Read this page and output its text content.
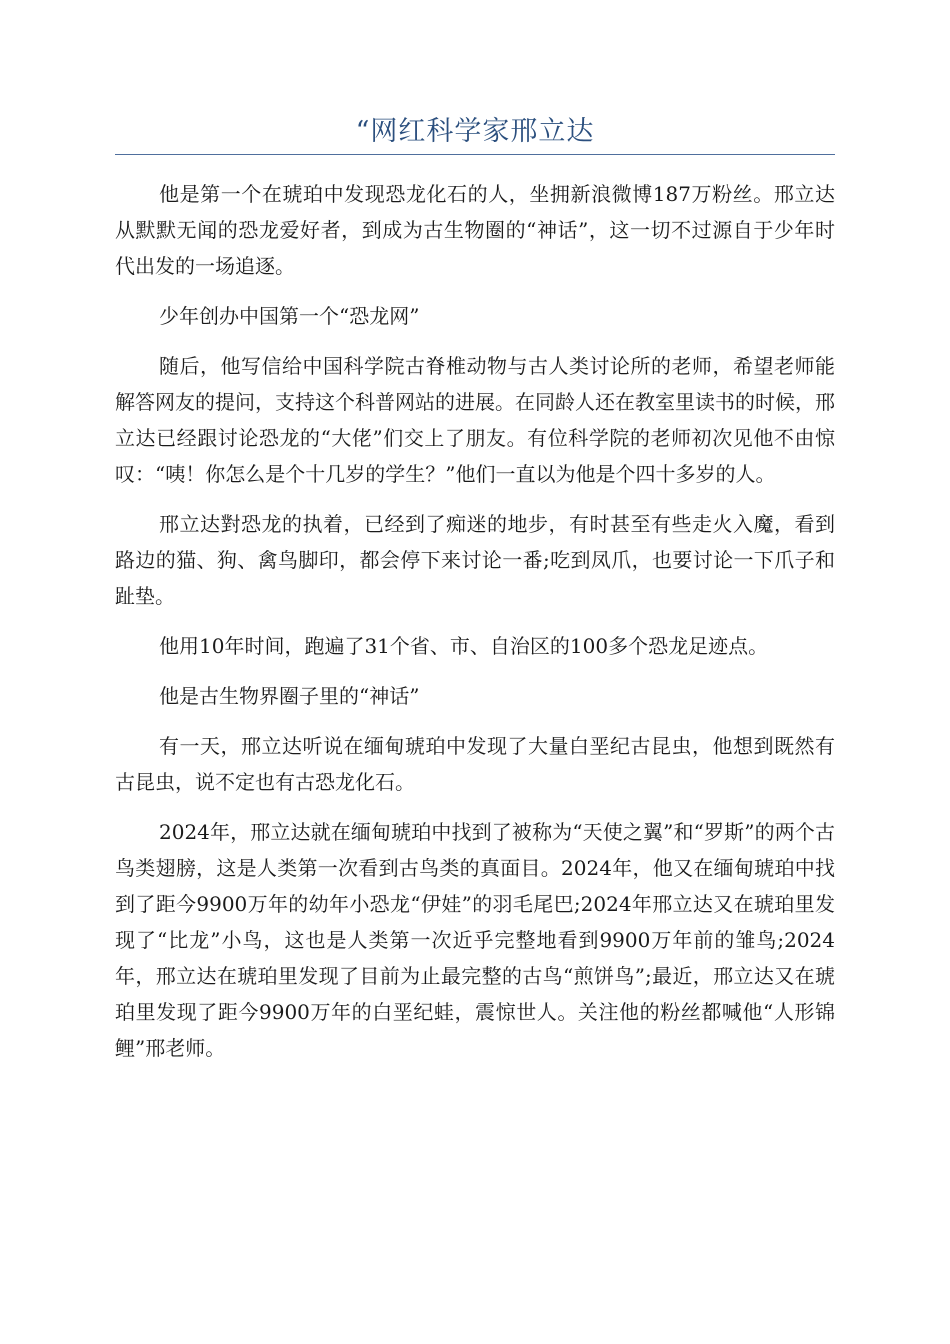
“网红科学家邢立达

他是第一个在琥珀中发现恐龙化石的人，坐拥新浪微博187万粉丝。邢立达从默默无闻的恐龙爱好者，到成为古生物圈的“神话”，这一切不过源自于少年时代出发的一场追逐。

少年创办中国第一个“恐龙网”

随后，他写信给中国科学院古脊椎动物与古人类讨论所的老师，希望老师能解答网友的提问，支持这个科普网站的进展。在同龄人还在教室里读书的时候，邢立达已经跟讨论恐龙的“大佬”们交上了朋友。有位科学院的老师初次见他不由惊叹：“咦！你怎么是个十几岁的学生？”他们一直以为他是个四十多岁的人。

邢立达對恐龙的执着，已经到了痴迷的地步，有时甚至有些走火入魔，看到路边的猫、狗、禽鸟脚印，都会停下来讨论一番;吃到凤爪，也要讨论一下爪子和趾垫。

他用10年时间，跑遍了31个省、市、自治区的100多个恐龙足迹点。

他是古生物界圈子里的“神话”

有一天，邢立达听说在缅甸琥珀中发现了大量白垩纪古昆虫，他想到既然有古昆虫，说不定也有古恐龙化石。

2024年，邢立达就在缅甸琥珀中找到了被称为“天使之翼”和“罗斯”的两个古鸟类翅膀，这是人类第一次看到古鸟类的真面目。2024年，他又在缅甸琥珀中找到了距今9900万年的幼年小恐龙“伊娃”的羽毛尾巴;2024年邢立达又在琥珀里发现了“比龙”小鸟，这也是人类第一次近乎完整地看到9900万年前的雏鸟;2024年，邢立达在琥珀里发现了目前为止最完整的古鸟“煎饼鸟”;最近，邢立达又在琥珀里发现了距今9900万年的白垩纪蛙，震惊世人。关注他的粉丝都喊他“人形锦鲤”邢老师。
